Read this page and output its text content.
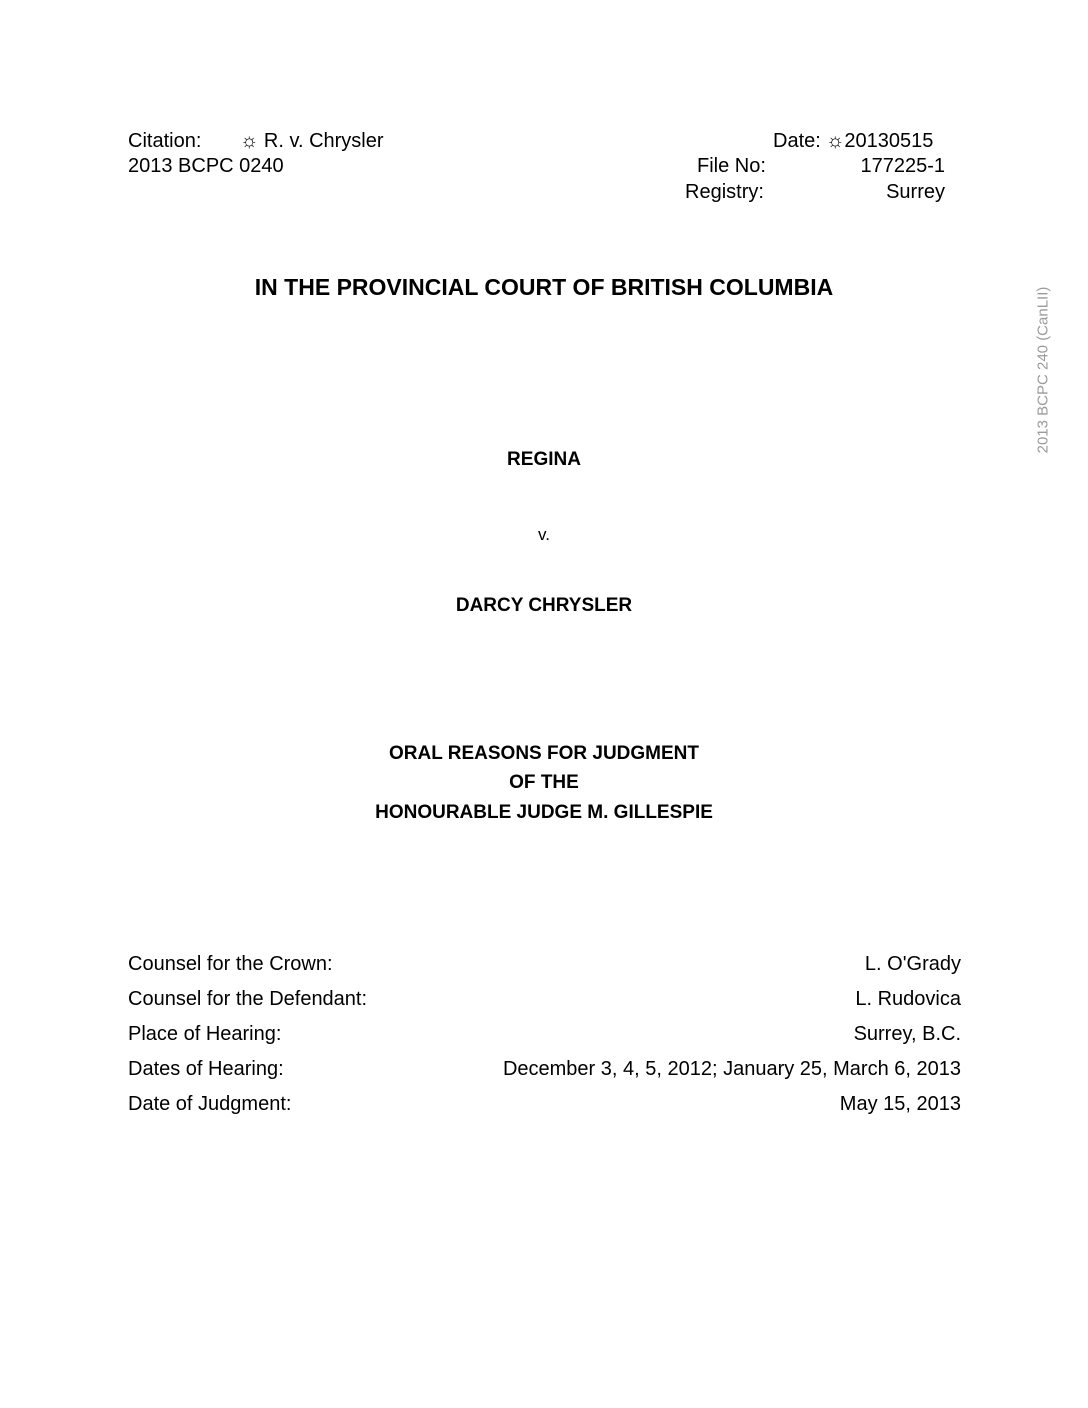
Citation: ☼ R. v. Chrysler
2013 BCPC 0240
Date: ☼20130515
File No:	177225-1
Registry:	Surrey
IN THE PROVINCIAL COURT OF BRITISH COLUMBIA
REGINA
v.
DARCY CHRYSLER
ORAL REASONS FOR JUDGMENT
OF THE
HONOURABLE JUDGE M. GILLESPIE
Counsel for the Crown:	L. O'Grady
Counsel for the Defendant:	L. Rudovica
Place of Hearing:	Surrey, B.C.
Dates of Hearing:	December 3, 4, 5, 2012; January 25, March 6, 2013
Date of Judgment:	May 15, 2013
2013 BCPC 240 (CanLII)
